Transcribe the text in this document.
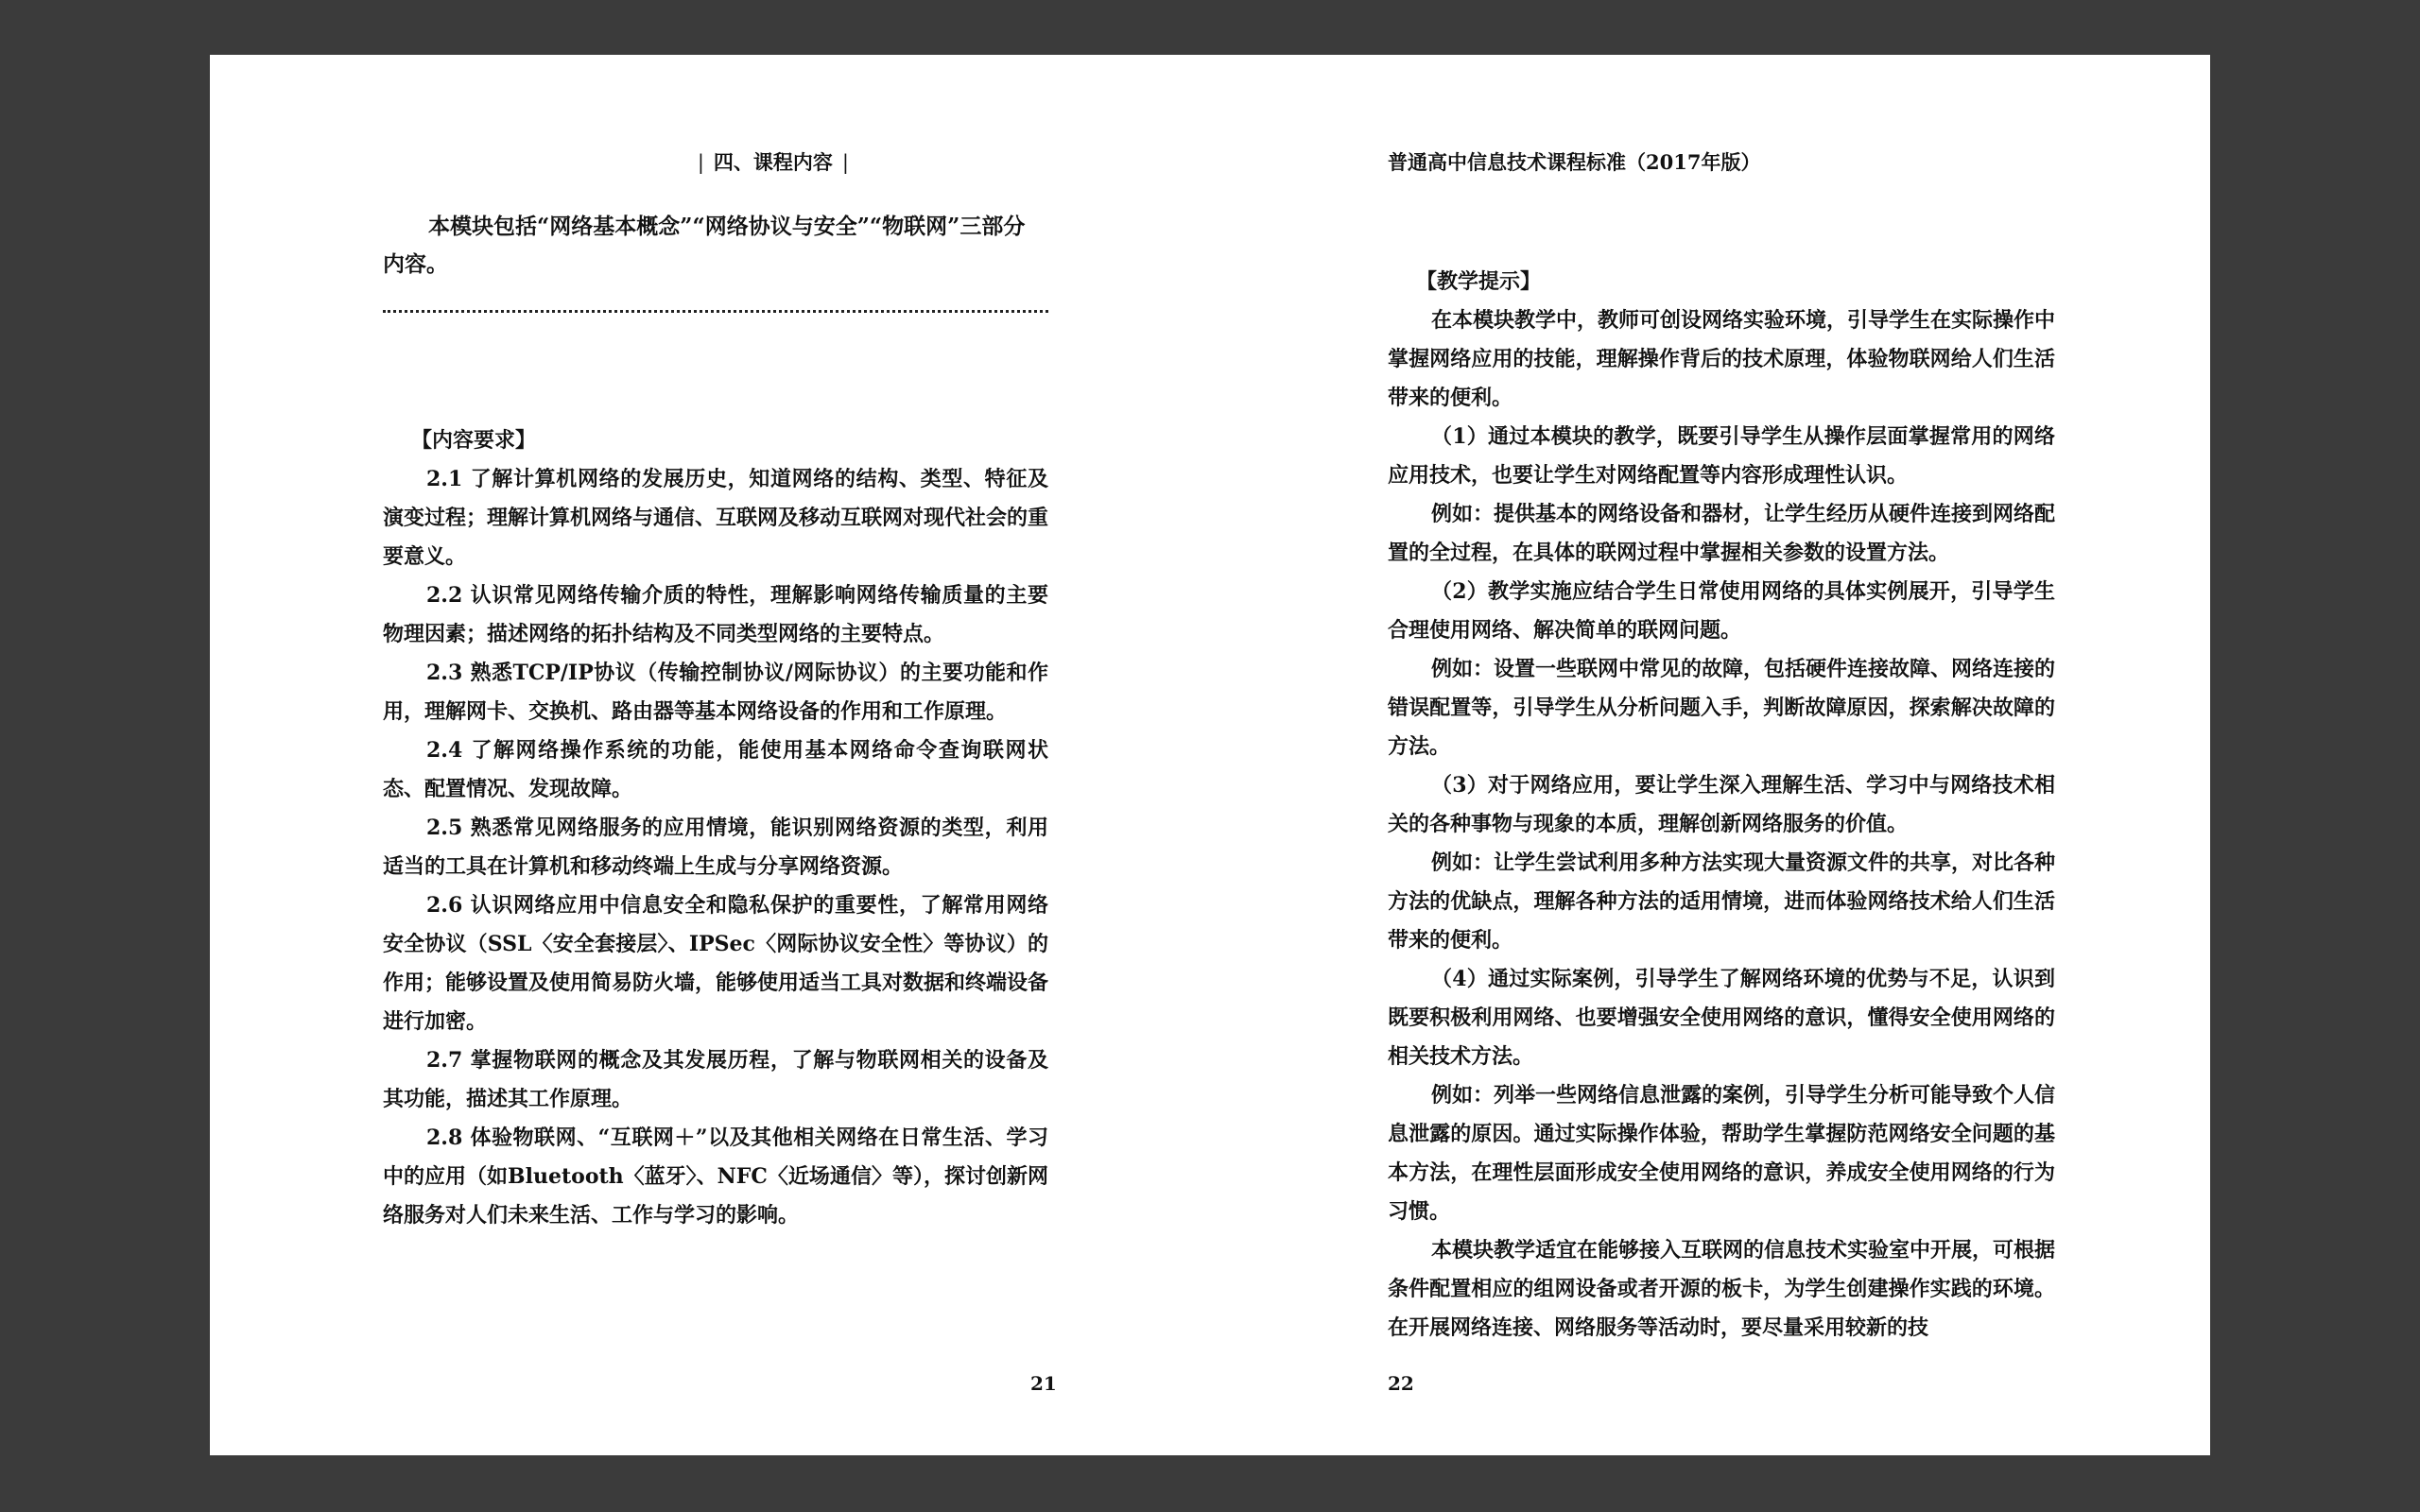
| 四、课程内容 |

本模块包括“网络基本概念”“网络协议与安全”“物联网”三部分内容。

【内容要求】

2.1 了解计算机网络的发展历史，知道网络的结构、类型、特征及演变过程；理解计算机网络与通信、互联网及移动互联网对现代社会的重要意义。

2.2 认识常见网络传输介质的特性，理解影响网络传输质量的主要物理因素；描述网络的拓扑结构及不同类型网络的主要特点。

2.3 熟悉TCP/IP协议（传输控制协议/网际协议）的主要功能和作用，理解网卡、交换机、路由器等基本网络设备的作用和工作原理。

2.4 了解网络操作系统的功能，能使用基本网络命令查询联网状态、配置情况、发现故障。

2.5 熟悉常见网络服务的应用情境，能识别网络资源的类型，利用适当的工具在计算机和移动终端上生成与分享网络资源。

2.6 认识网络应用中信息安全和隐私保护的重要性，了解常用网络安全协议（SSL〈安全套接层〉、IPSec〈网际协议安全性〉等协议）的作用；能够设置及使用简易防火墙，能够使用适当工具对数据和终端设备进行加密。

2.7 掌握物联网的概念及其发展历程，了解与物联网相关的设备及其功能，描述其工作原理。

2.8 体验物联网、“互联网＋”以及其他相关网络在日常生活、学习中的应用（如Bluetooth〈蓝牙〉、NFC〈近场通信〉等），探讨创新网络服务对人们未来生活、工作与学习的影响。

21
普通高中信息技术课程标准（2017年版）

【教学提示】

在本模块教学中，教师可创设网络实验环境，引导学生在实际操作中掌握网络应用的技能，理解操作背后的技术原理，体验物联网给人们生活带来的便利。

（1）通过本模块的教学，既要引导学生从操作层面掌握常用的网络应用技术，也要让学生对网络配置等内容形成理性认识。

例如：提供基本的网络设备和器材，让学生经历从硬件连接到网络配置的全过程，在具体的联网过程中掌握相关参数的设置方法。

（2）教学实施应结合学生日常使用网络的具体实例展开，引导学生合理使用网络、解决简单的联网问题。

例如：设置一些联网中常见的故障，包括硬件连接故障、网络连接的错误配置等，引导学生从分析问题入手，判断故障原因，探索解决故障的方法。

（3）对于网络应用，要让学生深入理解生活、学习中与网络技术相关的各种事物与现象的本质，理解创新网络服务的价值。

例如：让学生尝试利用多种方法实现大量资源文件的共享，对比各种方法的优缺点，理解各种方法的适用情境，进而体验网络技术给人们生活带来的便利。

（4）通过实际案例，引导学生了解网络环境的优势与不足，认识到既要积极利用网络、也要增强安全使用网络的意识，懂得安全使用网络的相关技术方法。

例如：列举一些网络信息泄露的案例，引导学生分析可能导致个人信息泄露的原因。通过实际操作体验，帮助学生掌握防范网络安全问题的基本方法，在理性层面形成安全使用网络的意识，养成安全使用网络的行为习惯。

本模块教学适宜在能够接入互联网的信息技术实验室中开展，可根据条件配置相应的组网设备或者开源的板卡，为学生创建操作实践的环境。在开展网络连接、网络服务等活动时，要尽量采用较新的技

22
